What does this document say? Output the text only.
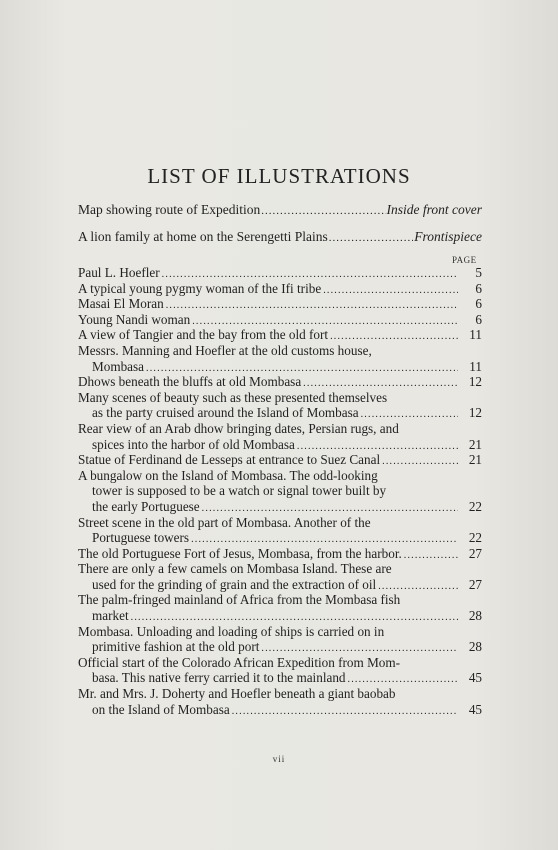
LIST OF ILLUSTRATIONS
Map showing route of Expedition .....	Inside front cover
A lion family at home on the Serengetti Plains .....	Frontispiece
PAGE
Paul L. Hoefler .....	5
A typical young pygmy woman of the Ifi tribe .....	6
Masai El Moran .....	6
Young Nandi woman .....	6
A view of Tangier and the bay from the old fort .....	11
Messrs. Manning and Hoefler at the old customs house,
Mombasa .....	11
Dhows beneath the bluffs at old Mombasa .....	12
Many scenes of beauty such as these presented themselves
as the party cruised around the Island of Mombasa .....	12
Rear view of an Arab dhow bringing dates, Persian rugs, and
spices into the harbor of old Mombasa .....	21
Statue of Ferdinand de Lesseps at entrance to Suez Canal .....	21
A bungalow on the Island of Mombasa. The odd-looking
tower is supposed to be a watch or signal tower built by
the early Portuguese .....	22
Street scene in the old part of Mombasa. Another of the
Portuguese towers .....	22
The old Portuguese Fort of Jesus, Mombasa, from the harbor. .....	27
There are only a few camels on Mombasa Island. These are
used for the grinding of grain and the extraction of oil .....	27
The palm-fringed mainland of Africa from the Mombasa fish
market .....	28
Mombasa. Unloading and loading of ships is carried on in
primitive fashion at the old port .....	28
Official start of the Colorado African Expedition from Mom-
basa. This native ferry carried it to the mainland .....	45
Mr. and Mrs. J. Doherty and Hoefler beneath a giant baobab
on the Island of Mombasa .....	45
vii
